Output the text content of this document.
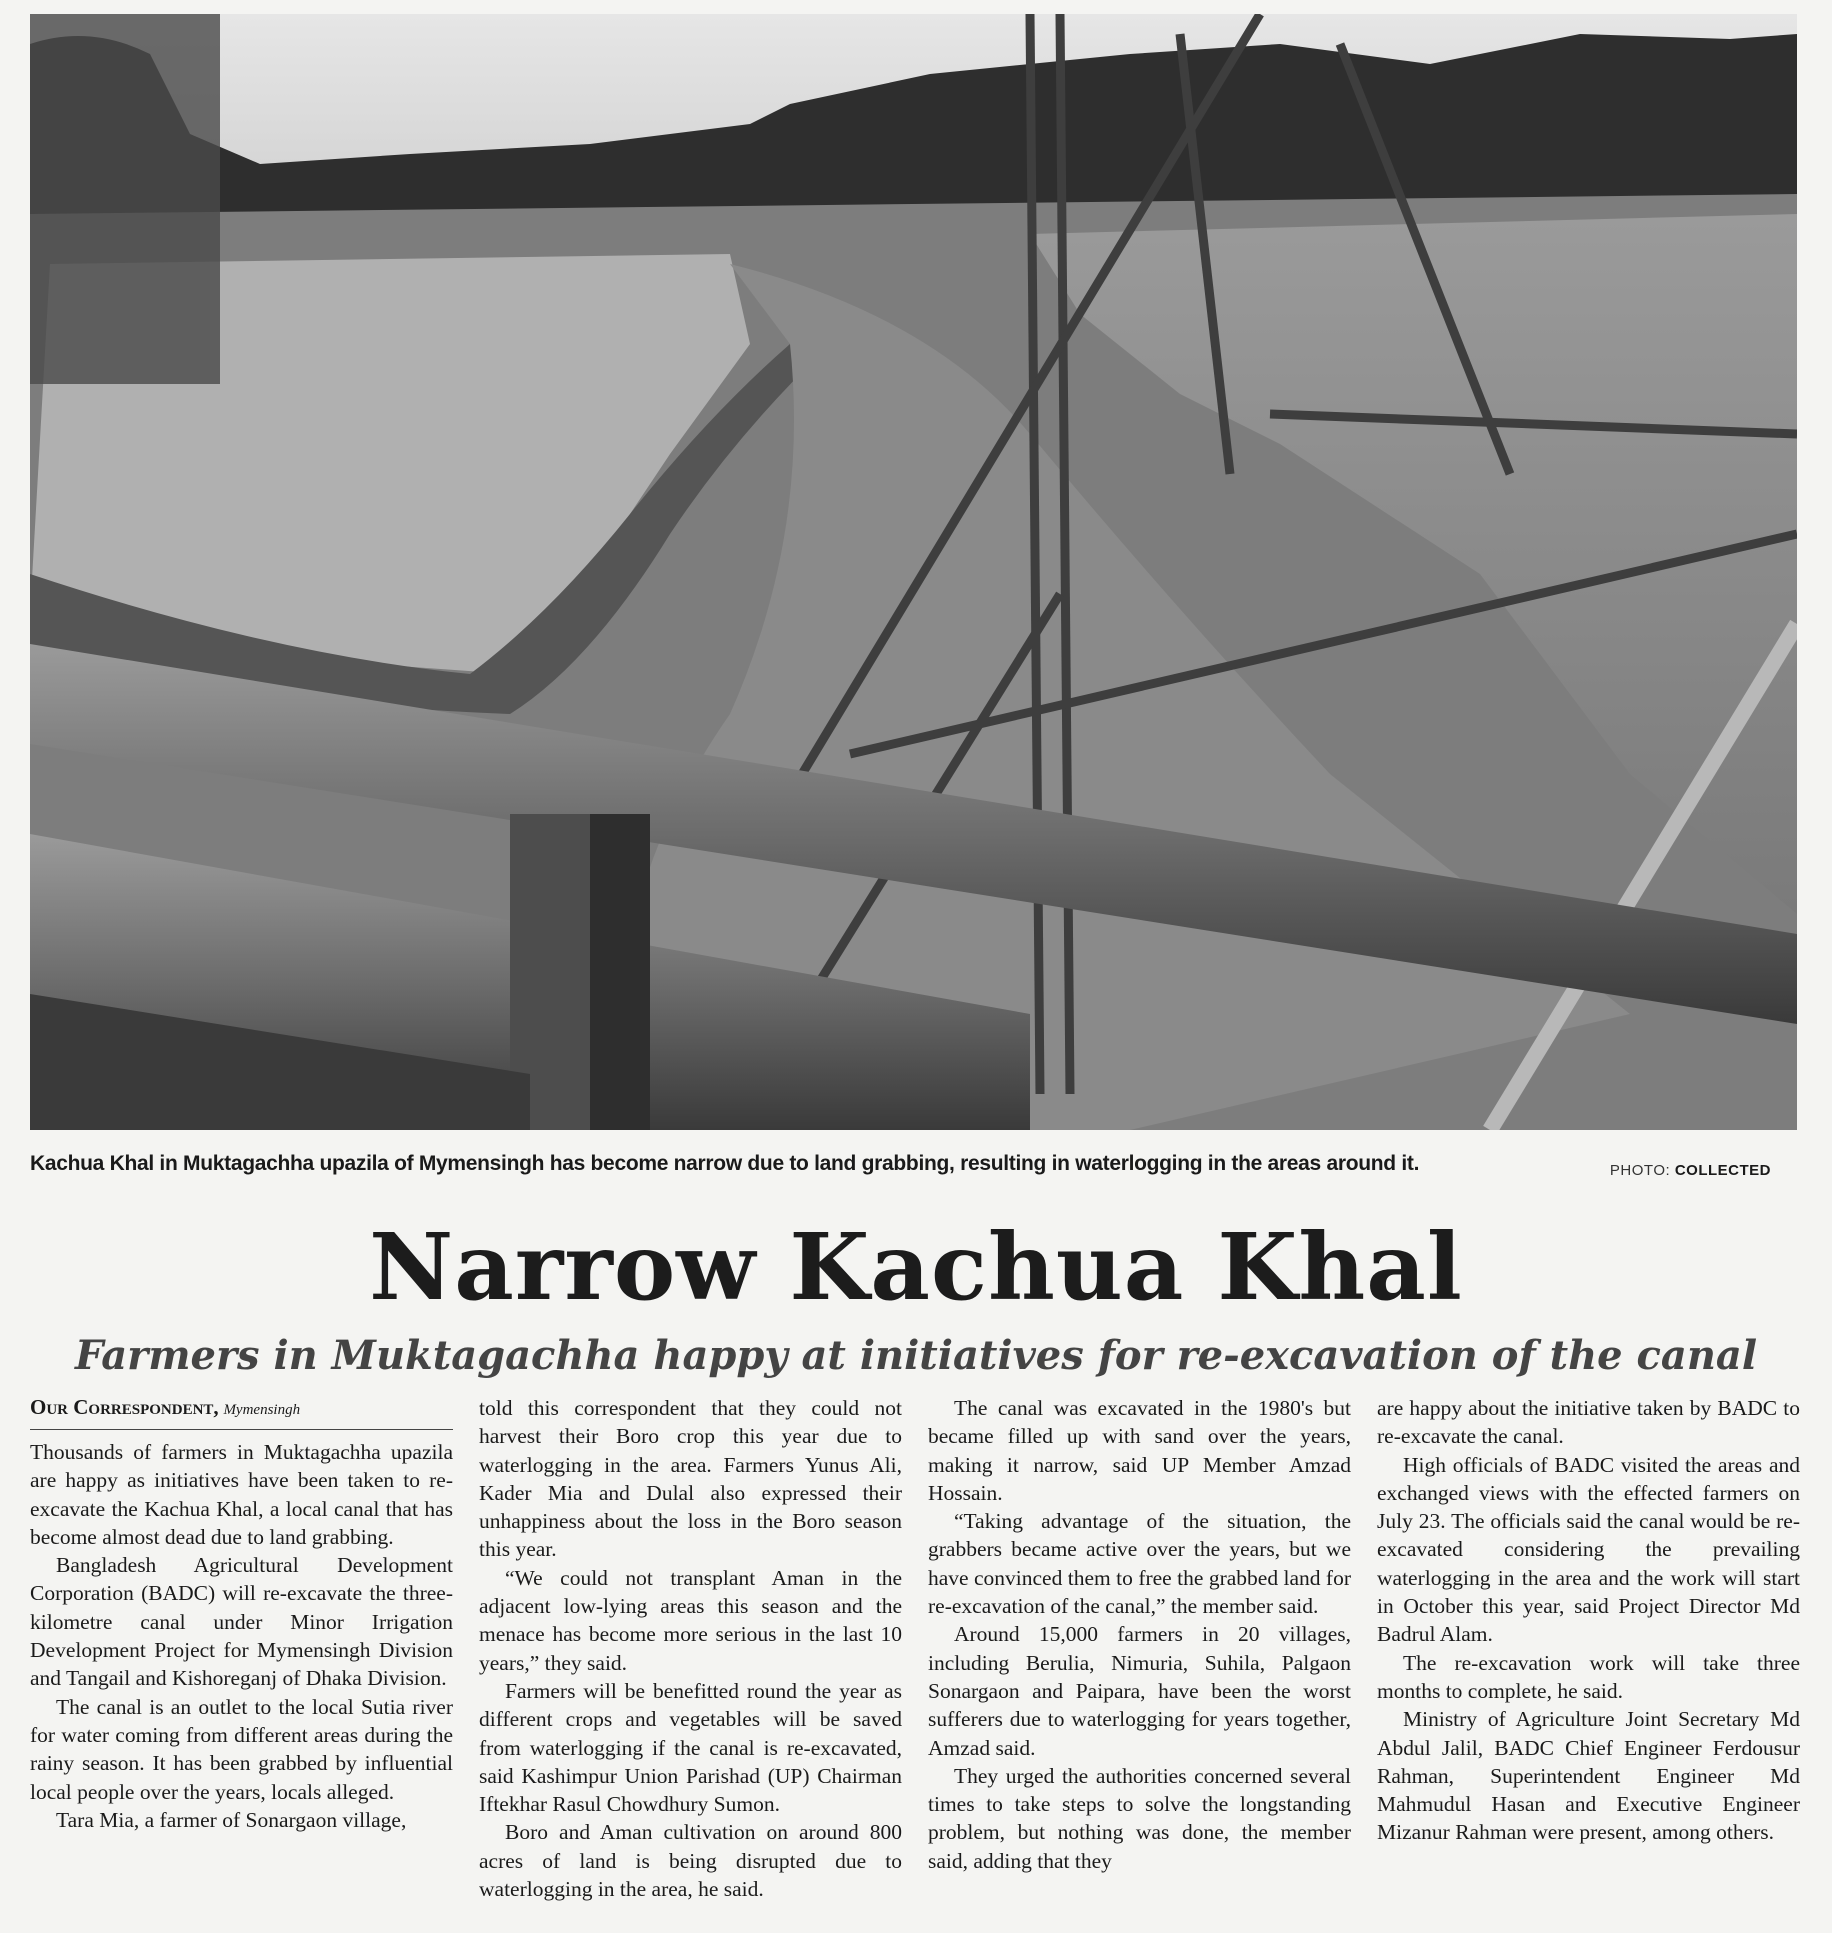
Kachua Khal in Muktagachha upazila of Mymensingh has become narrow due to land grabbing, resulting in waterlogging in the areas around it.	PHOTO: COLLECTED
Narrow Kachua Khal
Farmers in Muktagachha happy at initiatives for re-excavation of the canal
Our Correspondent, Mymensingh

Thousands of farmers in Muktagachha upazila are happy as initiatives have been taken to re-excavate the Kachua Khal, a local canal that has become almost dead due to land grabbing.

Bangladesh Agricultural Development Corporation (BADC) will re-excavate the three-kilometre canal under Minor Irrigation Development Project for Mymensingh Division and Tangail and Kishoreganj of Dhaka Division.

The canal is an outlet to the local Sutia river for water coming from different areas during the rainy season. It has been grabbed by influential local people over the years, locals alleged.

Tara Mia, a farmer of Sonargaon village,

told this correspondent that they could not harvest their Boro crop this year due to waterlogging in the area. Farmers Yunus Ali, Kader Mia and Dulal also expressed their unhappiness about the loss in the Boro season this year.

“We could not transplant Aman in the adjacent low-lying areas this season and the menace has become more serious in the last 10 years,” they said.

Farmers will be benefitted round the year as different crops and vegetables will be saved from waterlogging if the canal is re-excavated, said Kashimpur Union Parishad (UP) Chairman Iftekhar Rasul Chowdhury Sumon.

Boro and Aman cultivation on around 800 acres of land is being disrupted due to waterlogging in the area, he said.

The canal was excavated in the 1980's but became filled up with sand over the years, making it narrow, said UP Member Amzad Hossain.

“Taking advantage of the situation, the grabbers became active over the years, but we have convinced them to free the grabbed land for re-excavation of the canal,” the member said.

Around 15,000 farmers in 20 villages, including Berulia, Nimuria, Suhila, Palgaon Sonargaon and Paipara, have been the worst sufferers due to waterlogging for years together, Amzad said.

They urged the authorities concerned several times to take steps to solve the longstanding problem, but nothing was done, the member said, adding that they

are happy about the initiative taken by BADC to re-excavate the canal.

High officials of BADC visited the areas and exchanged views with the effected farmers on July 23. The officials said the canal would be re-excavated considering the prevailing waterlogging in the area and the work will start in October this year, said Project Director Md Badrul Alam.

The re-excavation work will take three months to complete, he said.

Ministry of Agriculture Joint Secretary Md Abdul Jalil, BADC Chief Engineer Ferdousur Rahman, Superintendent Engineer Md Mahmudul Hasan and Executive Engineer Mizanur Rahman were present, among others.
